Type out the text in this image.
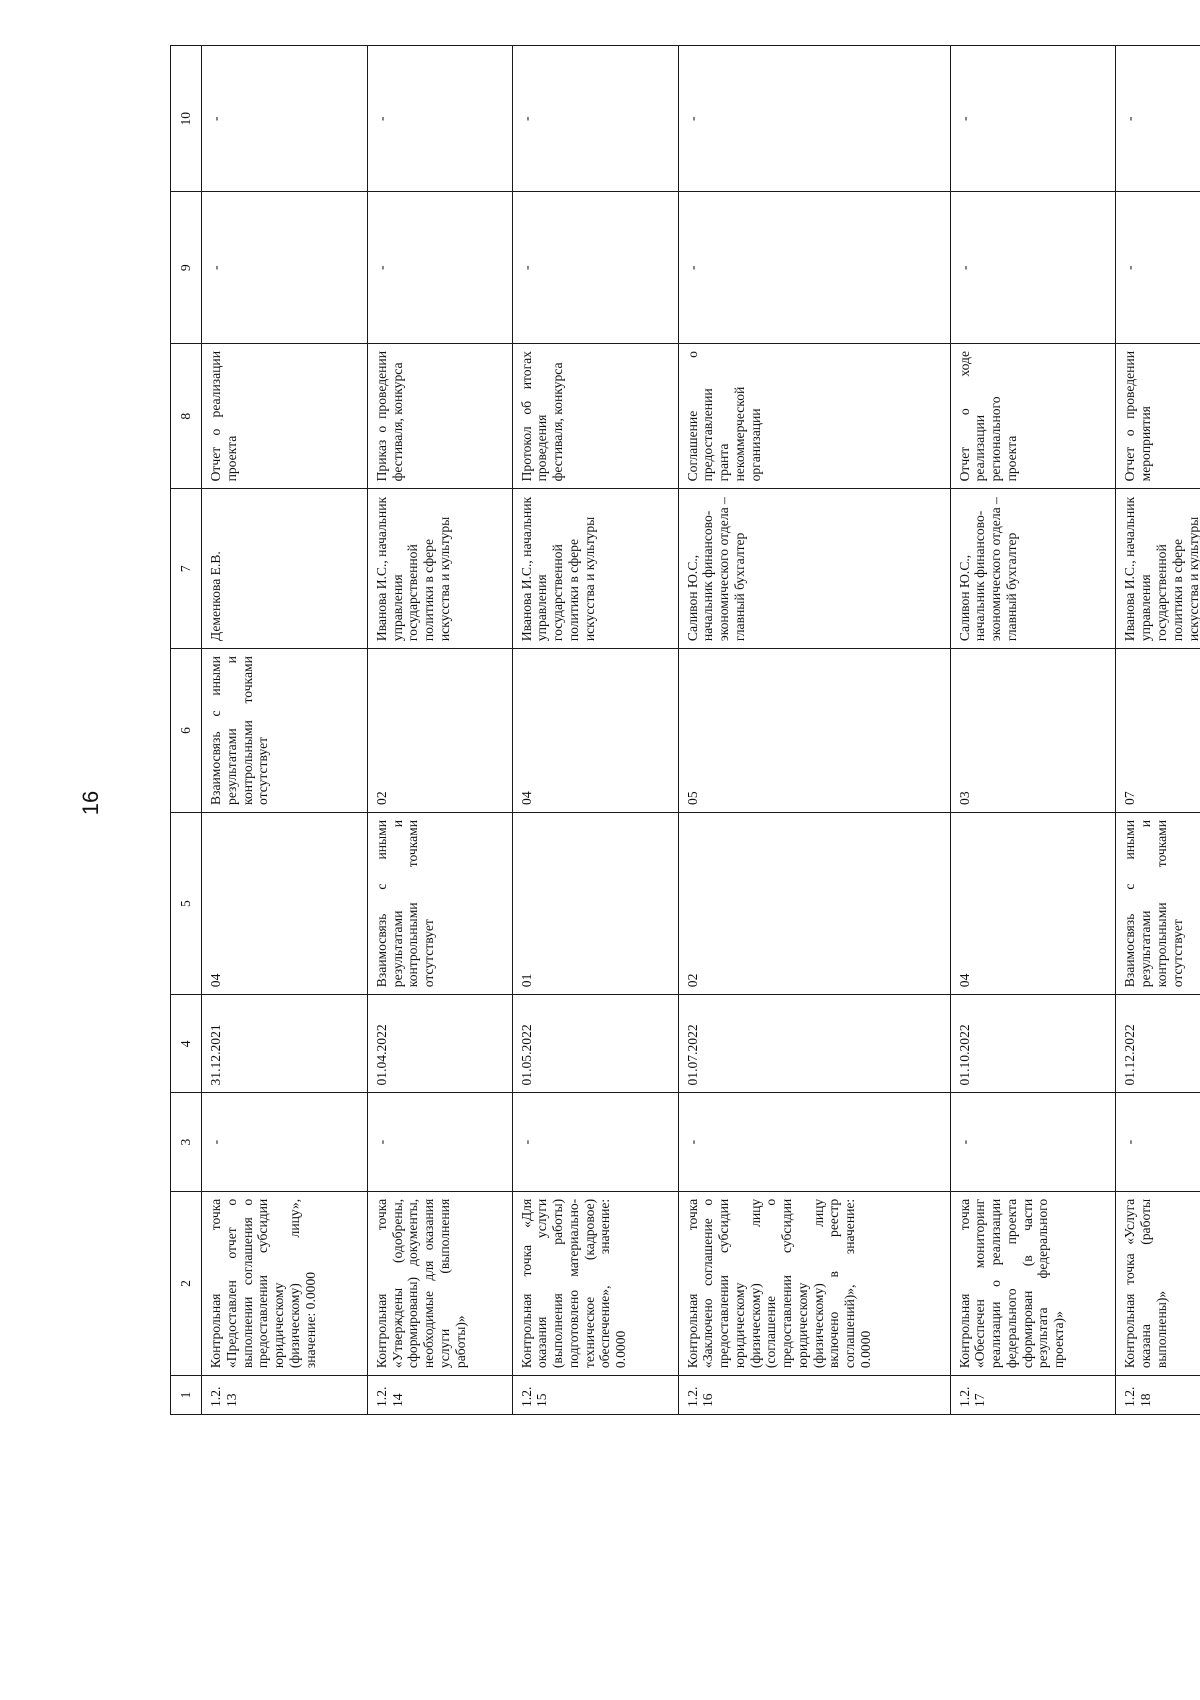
16
1	2	3	4	5	6	7	8	9	10
1.2.13	Контрольная точка «Предоставлен отчет о выполнении соглашения о предоставлении субсидии юридическому (физическому) лицу», значение: 0.0000	-	31.12.2021	04	Взаимосвязь с иными результатами и контрольными точками отсутствует	Деменкова Е.В.	Отчет о реализации проекта	-	-
1.2.14	Контрольная точка «Утверждены (одобрены, сформированы) документы, необходимые для оказания услуги (выполнения работы)»	-	01.04.2022	Взаимосвязь с иными результатами и контрольными точками отсутствует	02	Иванова И.С., начальник управления государственной политики в сфере искусства и культуры	Приказ о проведении фестиваля, конкурса	-	-
1.2.15	Контрольная точка «Для оказания услуги (выполнения работы) подготовлено материально-техническое (кадровое) обеспечение», значение: 0.0000	-	01.05.2022	01	04	Иванова И.С., начальник управления государственной политики в сфере искусства и культуры	Протокол об итогах проведения фестиваля, конкурса	-	-
1.2.16	Контрольная точка «Заключено соглашение о предоставлении субсидии юридическому (физическому) лицу (соглашение о предоставлении субсидии юридическому (физическому) лицу включено в реестр соглашений)», значение: 0.0000	-	01.07.2022	02	05	Саливон Ю.С., начальник финансово-экономического отдела – главный бухгалтер	Соглашение о предоставлении гранта некоммерческой организации	-	-
1.2.17	Контрольная точка «Обеспечен мониторинг реализации о реализации федерального проекта сформирован (в части результата федерального проекта)»	-	01.10.2022	04	03	Саливон Ю.С., начальник финансово-экономического отдела – главный бухгалтер	Отчет о ходе реализации регионального проекта	-	-
1.2.18	Контрольная точка «Услуга оказана (работы выполнены)»	-	01.12.2022	Взаимосвязь с иными результатами и контрольными точками отсутствует	07	Иванова И.С., начальник управления государственной политики в сфере искусства и культуры	Отчет о проведении мероприятия	-	-
